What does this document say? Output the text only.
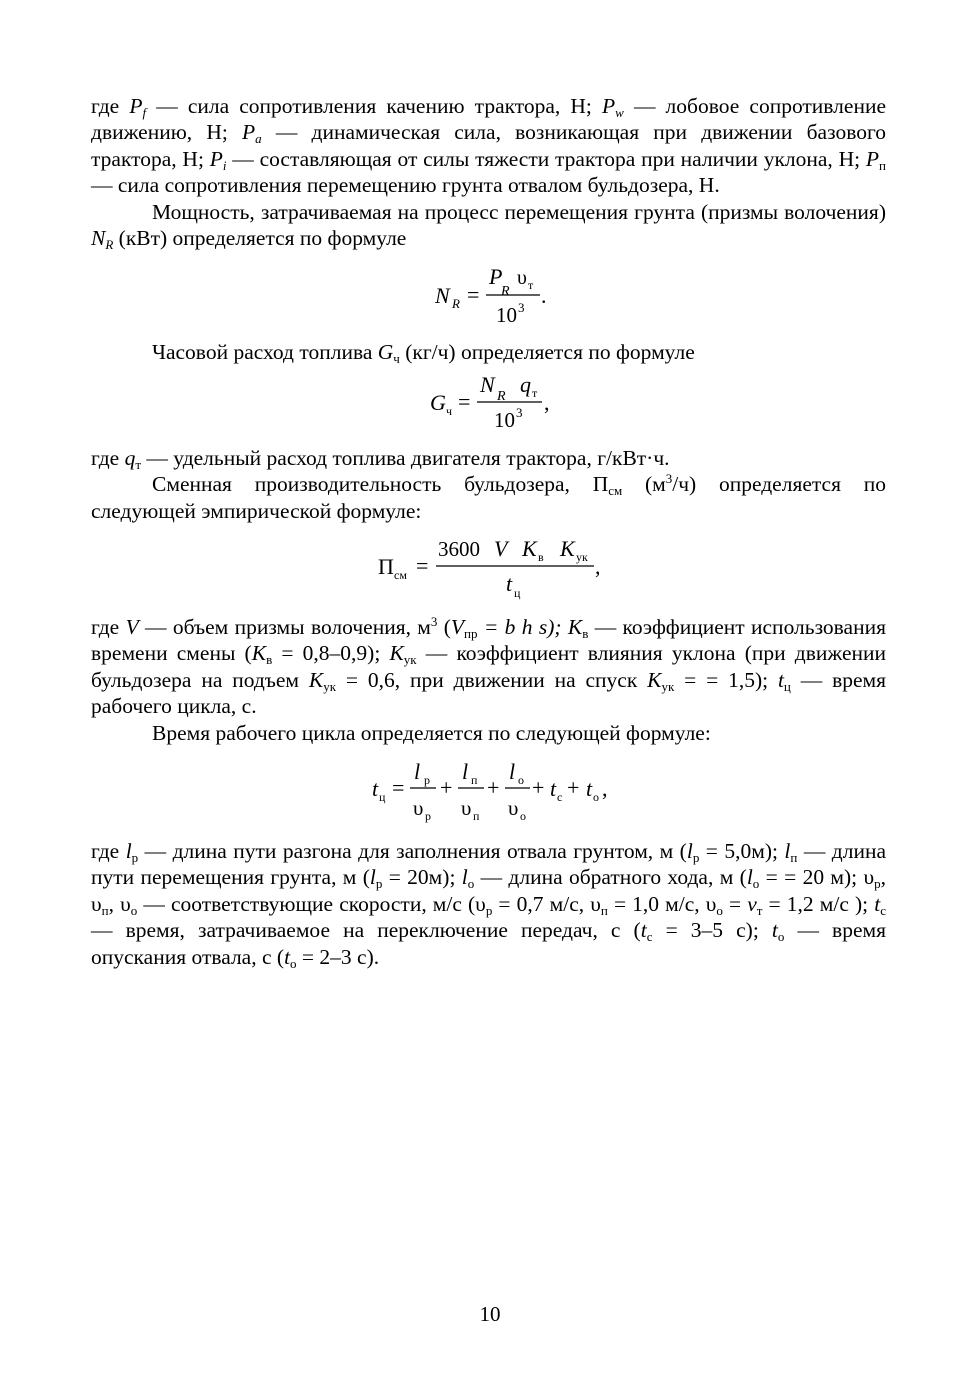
где $P_f$ — сила сопротивления качению трактора, Н; $P_w$ — лобовое сопротивление движению, Н; $P_a$ — динамическая сила, возникающая при движении базового трактора, Н; $P_i$ — составляющая от силы тяжести трактора при наличии уклона, Н; $P_п$ — сила сопротивления перемещению грунта отвалом бульдозера, Н.

Мощность, затрачиваемая на процесс перемещения грунта (призмы волочения) $N_R$ (кВт) определяется по формуле

N R =
P
R
υ т
10 3 .

Часовой расход топлива $G_ч$ (кг/ч) определяется по формуле

G ч =
N R q т
10 3 ,

где $q_т$ — удельный расход топлива двигателя трактора, г/кВт·ч.

Сменная производительность бульдозера, $П_{см}$ $(м^3/ч)$ определяется по следующей эмпирической формуле:

П см =
3600 V K в K ук
t ц
,

где V — объем призмы волочения, $м^3$ ($V_{пр} = b$ h s); $K_в$ — коэффициент использования времени смены $(K_в = 0,8-0,9)$; $K_{ук}$ — коэффициент влияния уклона (при движении бульдозера на подъем $K_{ук} = 0,6$, при движении на спуск $K_{ук}$ = = 1,5); $t_ц$ — время рабочего цикла, с.

Время рабочего цикла определяется по следующей формуле:

t ц =
l р
υ р
+
l п
υ п
+
l о
υ о
+ t с + t о ,

где $l_р$ — длина пути разгона для заполнения отвала грунтом, м $(l_р = 5,0м)$; $l_п$ — длина пути перемещения грунта, м $(l_р = 20м)$; $l_о$ — длина обратного хода, м ($l_о$ = = 20 м); $\upsilon_р$, $\upsilon_п$, $\upsilon_о$ — соответствующие скорости, м/с ($\upsilon_р = 0,7$ м/с, $\upsilon_п = 1,0$ м/с, $\upsilon_о = v_т = 1,2$ м/с ); $t_с$ — время, затрачиваемое на переключение передач, с ($t_с = 3-5$ с); $t_о$ — время опускания отвала, с ($t_о = 2-3$ с).

10
